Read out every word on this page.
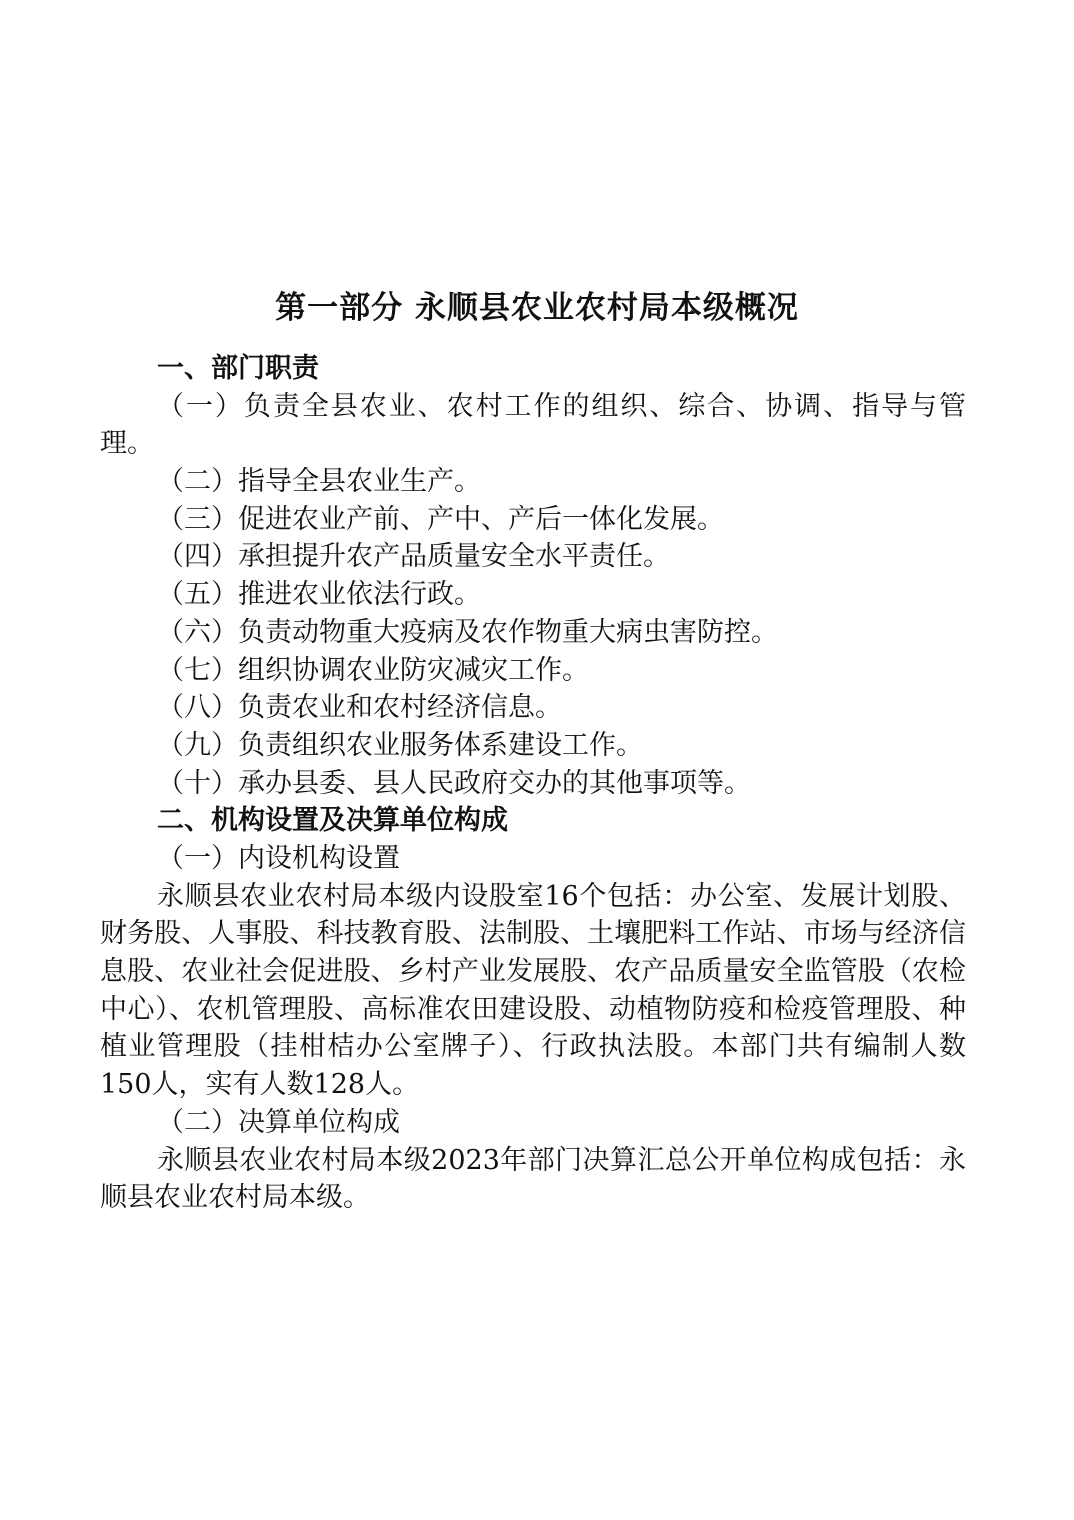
第一部分 永顺县农业农村局本级概况
一、部门职责
（一）负责全县农业、农村工作的组织、综合、协调、指导与管理。
（二）指导全县农业生产。
（三）促进农业产前、产中、产后一体化发展。
（四）承担提升农产品质量安全水平责任。
（五）推进农业依法行政。
（六）负责动物重大疫病及农作物重大病虫害防控。
（七）组织协调农业防灾减灾工作。
（八）负责农业和农村经济信息。
（九）负责组织农业服务体系建设工作。
（十）承办县委、县人民政府交办的其他事项等。
二、机构设置及决算单位构成
（一）内设机构设置
永顺县农业农村局本级内设股室16个包括：办公室、发展计划股、财务股、人事股、科技教育股、法制股、土壤肥料工作站、市场与经济信息股、农业社会促进股、乡村产业发展股、农产品质量安全监管股（农检中心）、农机管理股、高标准农田建设股、动植物防疫和检疫管理股、种植业管理股（挂柑桔办公室牌子）、行政执法股。本部门共有编制人数150人，实有人数128人。
（二）决算单位构成
永顺县农业农村局本级2023年部门决算汇总公开单位构成包括：永顺县农业农村局本级。
